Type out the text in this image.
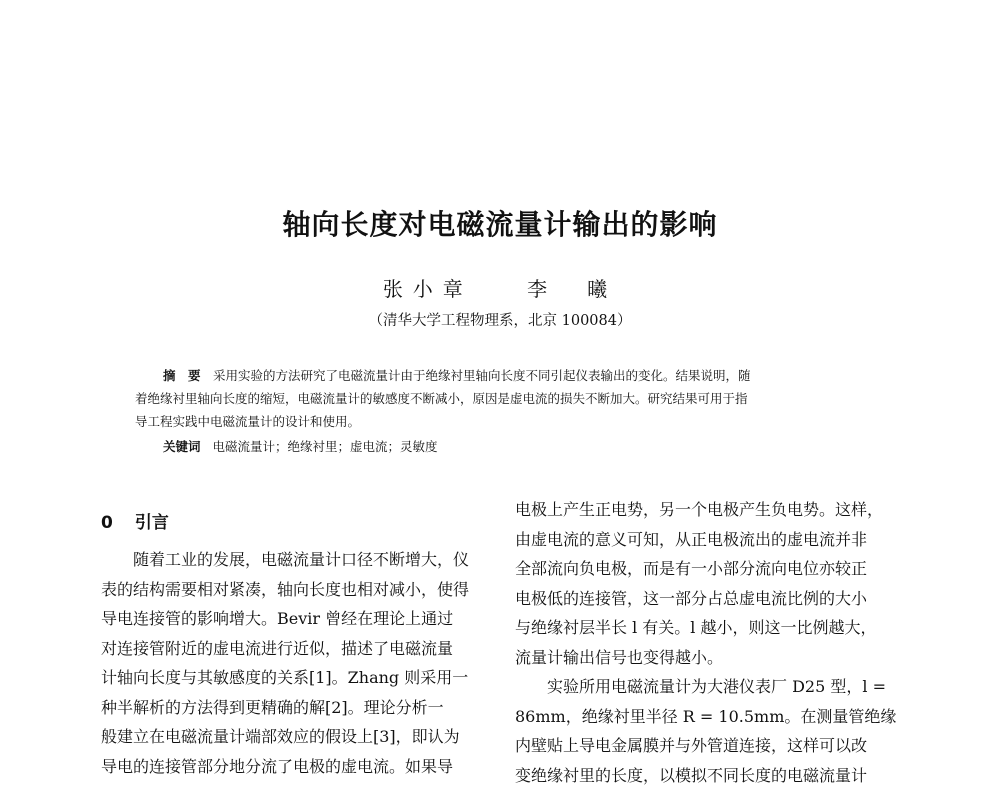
轴向长度对电磁流量计输出的影响
张小章	李　曦
（清华大学工程物理系，北京 100084）
摘　要 采用实验的方法研究了电磁流量计由于绝缘衬里轴向长度不同引起仪表输出的变化。结果说明，随
着绝缘衬里轴向长度的缩短，电磁流量计的敏感度不断减小，原因是虚电流的损失不断加大。研究结果可用于指
导工程实践中电磁流量计的设计和使用。
关键词 电磁流量计；绝缘衬里；虚电流；灵敏度
0 引言

随着工业的发展，电磁流量计口径不断增大，仪

表的结构需要相对紧凑，轴向长度也相对减小，使得

导电连接管的影响增大。Bevir 曾经在理论上通过

对连接管附近的虚电流进行近似，描述了电磁流量

计轴向长度与其敏感度的关系[1]。Zhang 则采用一

种半解析的方法得到更精确的解[2]。理论分析一

般建立在电磁流量计端部效应的假设上[3]，即认为

导电的连接管部分地分流了电极的虚电流。如果导

电极上产生正电势，另一个电极产生负电势。这样，

由虚电流的意义可知，从正电极流出的虚电流并非

全部流向负电极，而是有一小部分流向电位亦较正

电极低的连接管，这一部分占总虚电流比例的大小

与绝缘衬层半长 l 有关。l 越小，则这一比例越大，

流量计输出信号也变得越小。

实验所用电磁流量计为大港仪表厂 D25 型，l =

86mm，绝缘衬里半径 R = 10.5mm。在测量管绝缘

内壁贴上导电金属膜并与外管道连接，这样可以改

变绝缘衬里的长度，以模拟不同长度的电磁流量计
